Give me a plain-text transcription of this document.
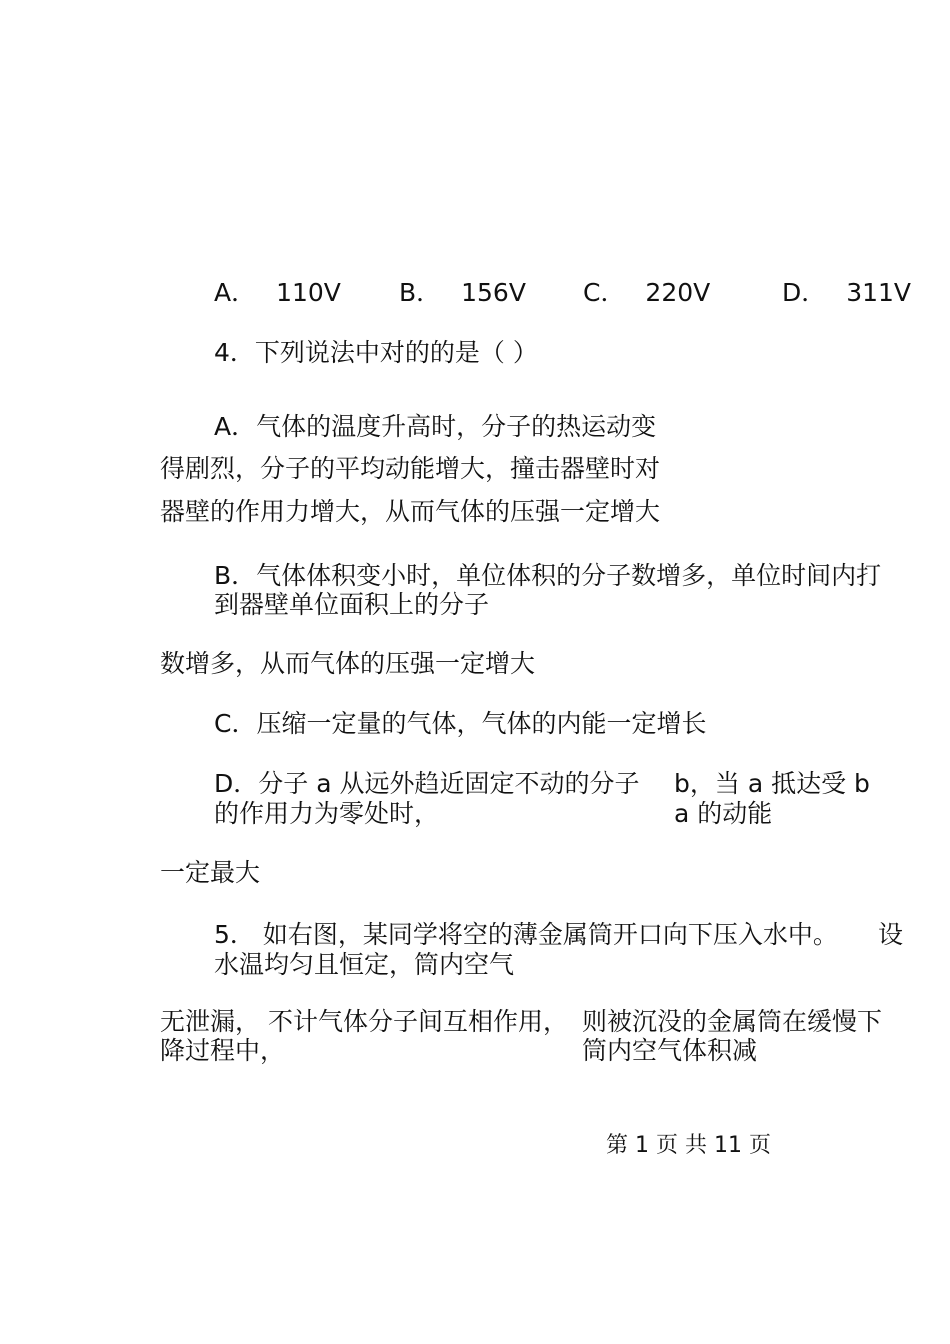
A． 110V B． 156V C． 220V	D． 311V
4．下列说法中对的的是（ ）
A．气体的温度升高时，分子的热运动变
得剧烈，分子的平均动能增大，撞击器壁时对
器壁的作用力增大，从而气体的压强一定增大
B．气体体积变小时，单位体积的分子数增多，单位时间内打
到器壁单位面积上的分子
数增多，从而气体的压强一定增大
C．压缩一定量的气体，气体的内能一定增长
D．分子 a 从远外趋近固定不动的分子 b，当 a 抵达受 b
的作用力为零处时，	a 的动能
一定最大
5． 如右图，某同学将空的薄金属筒开口向下压入水中。 设
水温均匀且恒定，筒内空气
无泄漏， 不计气体分子间互相作用， 则被沉没的金属筒在缓慢下
降过程中，	筒内空气体积减
第 1 页 共 11 页
